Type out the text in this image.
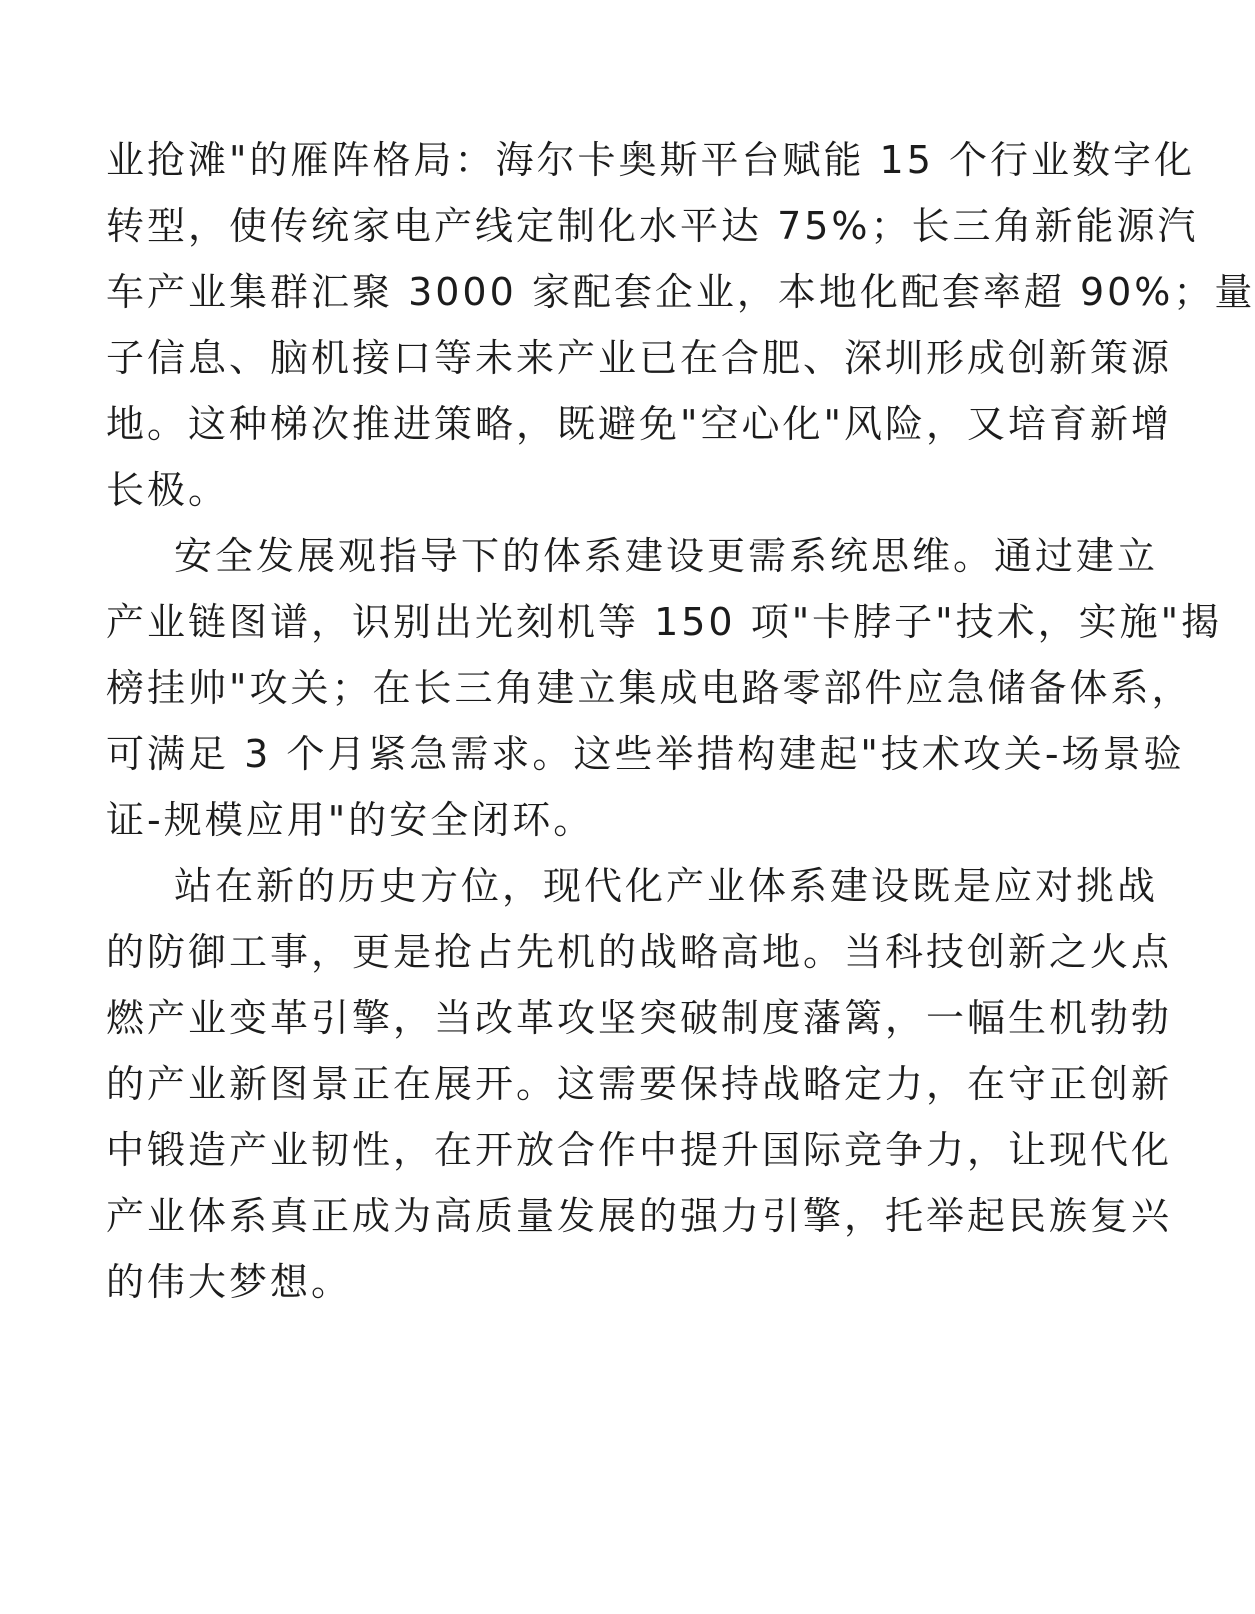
业抢滩"的雁阵格局：海尔卡奥斯平台赋能 15 个行业数字化
转型，使传统家电产线定制化水平达 75%；长三角新能源汽
车产业集群汇聚 3000 家配套企业，本地化配套率超 90%；量
子信息、脑机接口等未来产业已在合肥、深圳形成创新策源
地。这种梯次推进策略，既避免"空心化"风险，又培育新增
长极。
安全发展观指导下的体系建设更需系统思维。通过建立
产业链图谱，识别出光刻机等 150 项"卡脖子"技术，实施"揭
榜挂帅"攻关；在长三角建立集成电路零部件应急储备体系，
可满足 3 个月紧急需求。这些举措构建起"技术攻关-场景验
证-规模应用"的安全闭环。
站在新的历史方位，现代化产业体系建设既是应对挑战
的防御工事，更是抢占先机的战略高地。当科技创新之火点
燃产业变革引擎，当改革攻坚突破制度藩篱，一幅生机勃勃
的产业新图景正在展开。这需要保持战略定力，在守正创新
中锻造产业韧性，在开放合作中提升国际竞争力，让现代化
产业体系真正成为高质量发展的强力引擎，托举起民族复兴
的伟大梦想。
